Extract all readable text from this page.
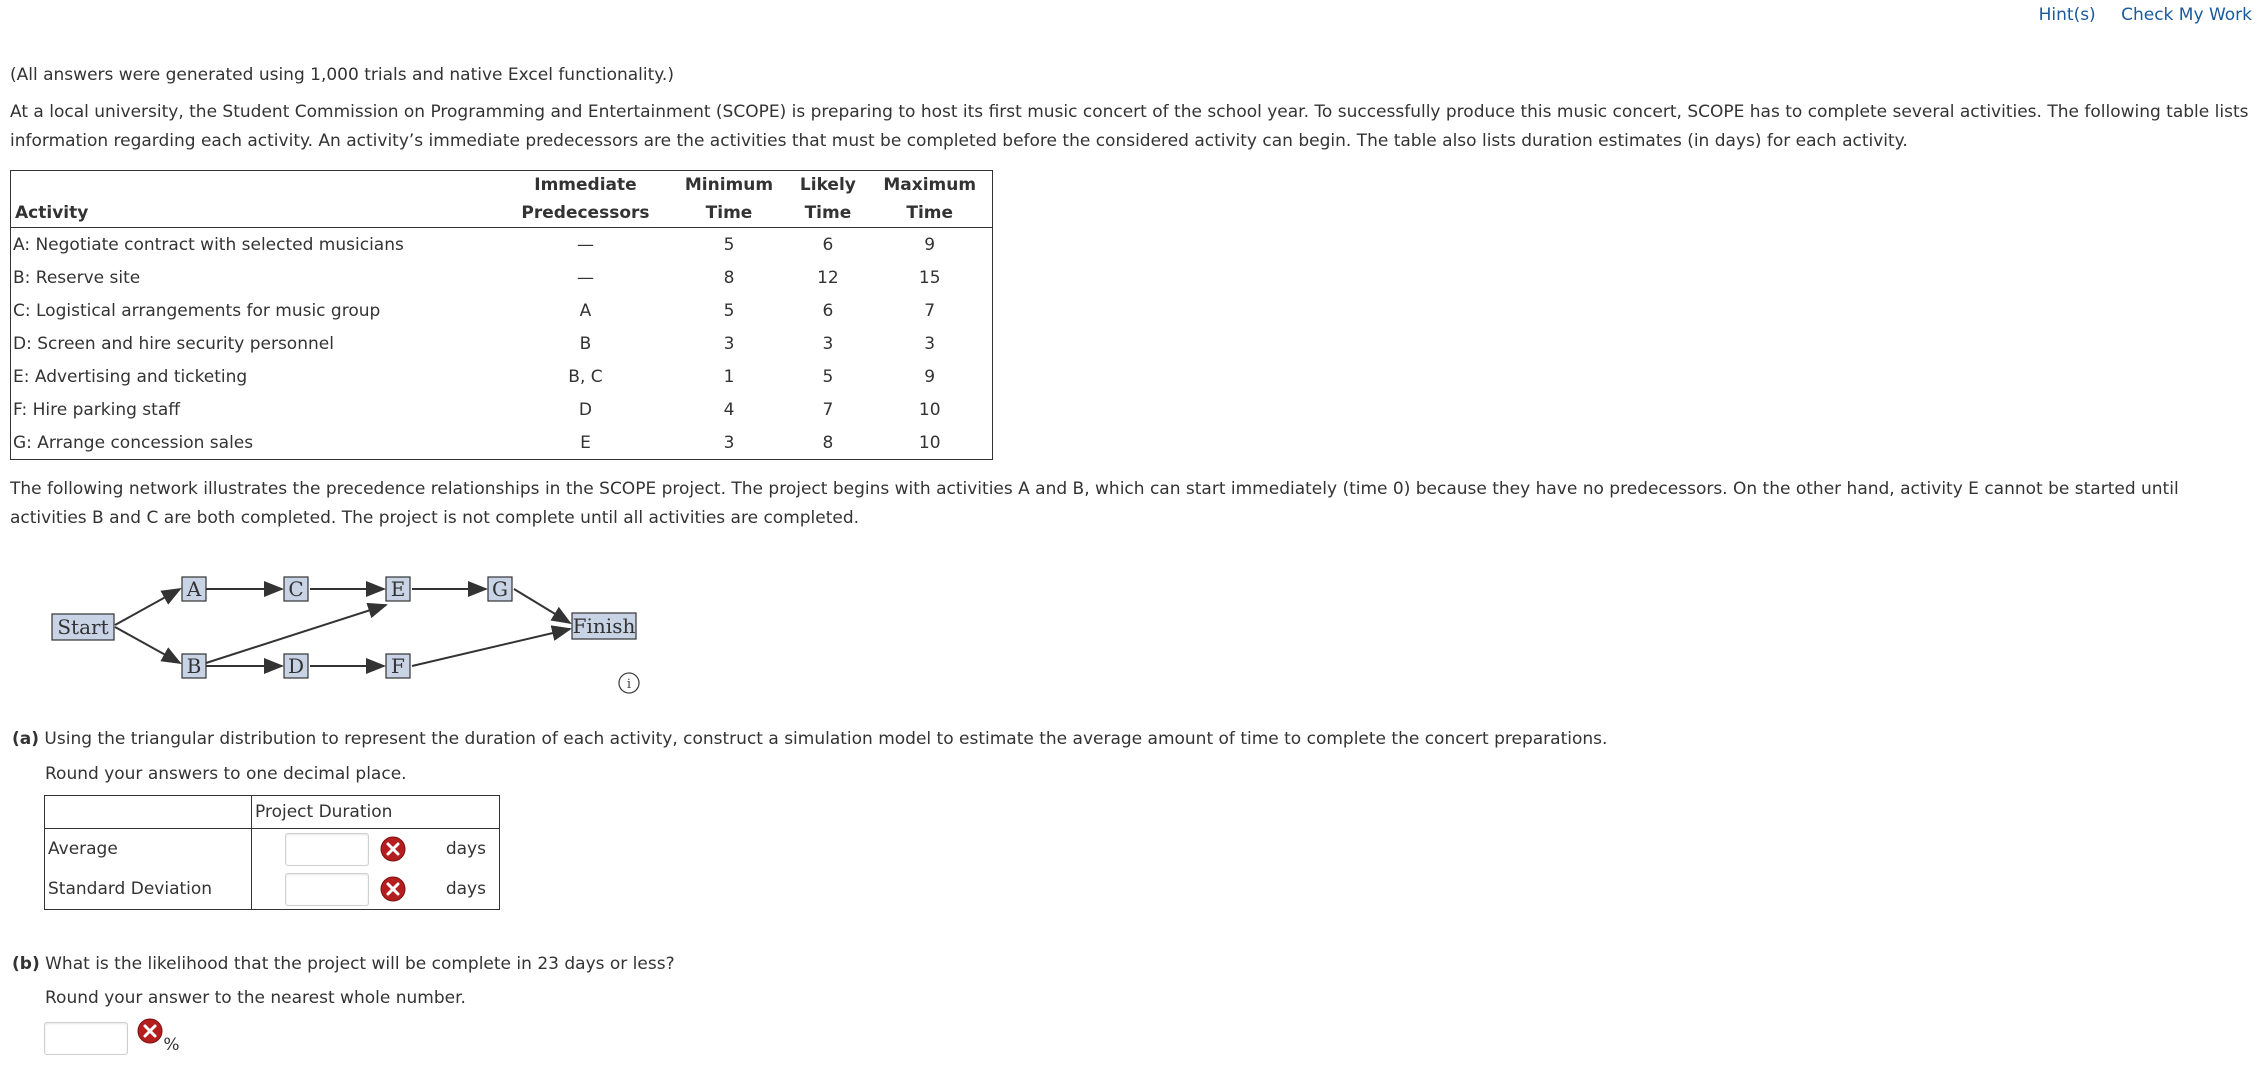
Hint(s) Check My Work
(All answers were generated using 1,000 trials and native Excel functionality.)
At a local university, the Student Commission on Programming and Entertainment (SCOPE) is preparing to host its first music concert of the school year. To successfully produce this music concert, SCOPE has to complete several activities. The following table lists information regarding each activity. An activity’s immediate predecessors are the activities that must be completed before the considered activity can begin. The table also lists duration estimates (in days) for each activity.
	Immediate	Minimum	Likely	Maximum
Activity	Predecessors	Time	Time	Time
A: Negotiate contract with selected musicians	—	5	6	9
B: Reserve site	—	8	12	15
C: Logistical arrangements for music group	A	5	6	7
D: Screen and hire security personnel	B	3	3	3
E: Advertising and ticketing	B, C	1	5	9
F: Hire parking staff	D	4	7	10
G: Arrange concession sales	E	3	8	10
The following network illustrates the precedence relationships in the SCOPE project. The project begins with activities A and B, which can start immediately (time 0) because they have no predecessors. On the other hand, activity E cannot be started until activities B and C are both completed. The project is not complete until all activities are completed.
Start
A	C	E	G
B	D	F
Finish
i
(a) Using the triangular distribution to represent the duration of each activity, construct a simulation model to estimate the average amount of time to complete the concert preparations.
Round your answers to one decimal place.
	Project Duration
Average	days
Standard Deviation	days
(b) What is the likelihood that the project will be complete in 23 days or less?
Round your answer to the nearest whole number.
%
